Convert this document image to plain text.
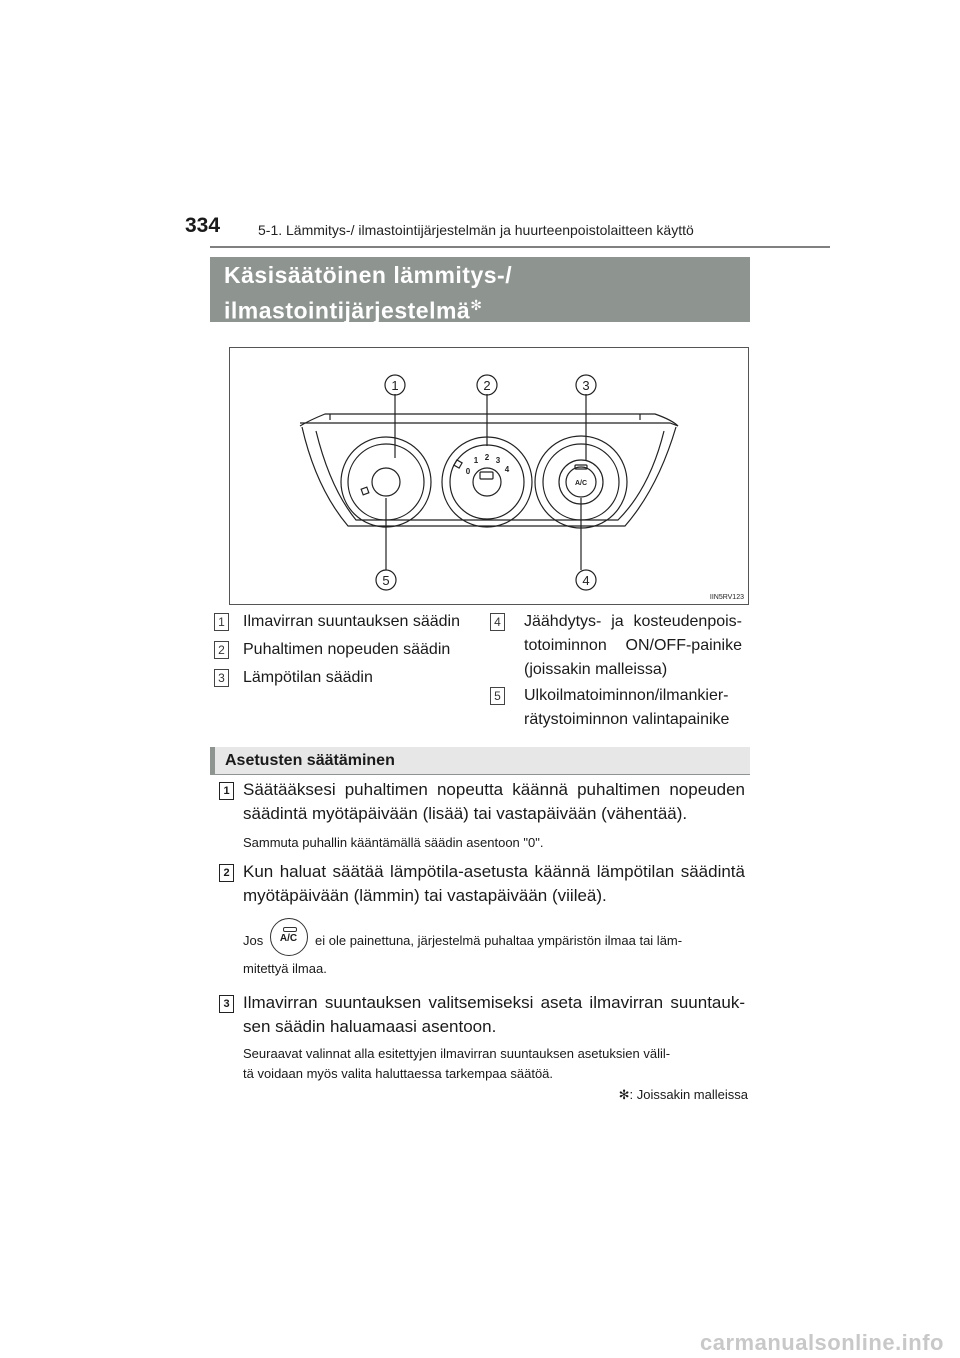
334	5-1. Lämmitys-/ ilmastointijärjestelmän ja huurteenpoistolaitteen käyttö
Käsisäätöinen lämmitys-/
ilmastointijärjestelmä✻
1	2	3
4
5
0
1 2 3
4
A/C
IIN5RV123
1 Ilmavirran suuntauksen säädin
2 Puhaltimen nopeuden säädin
3 Lämpötilan säädin
4 Jäähdytys- ja kosteudenpois-
totoiminnon ON/OFF-painike
(joissakin malleissa)
5 Ulkoilmatoiminnon/ilmankier-
rätystoiminnon valintapainike
Asetusten säätäminen
1 Säätääksesi puhaltimen nopeutta käännä puhaltimen nopeuden
säädintä myötäpäivään (lisää) tai vastapäivään (vähentää).
Sammuta puhallin kääntämällä säädin asentoon "0".
2 Kun haluat säätää lämpötila-asetusta käännä lämpötilan säädintä
myötäpäivään (lämmin) tai vastapäivään (viileä).
Jos	A/C	ei ole painettuna, järjestelmä puhaltaa ympäristön ilmaa tai läm-
mitettyä ilmaa.
3 Ilmavirran suuntauksen valitsemiseksi aseta ilmavirran suuntauk-
sen säädin haluamaasi asentoon.
Seuraavat valinnat alla esitettyjen ilmavirran suuntauksen asetuksien välil-
tä voidaan myös valita haluttaessa tarkempaa säätöä.
✻: Joissakin malleissa
carmanualsonline.info
